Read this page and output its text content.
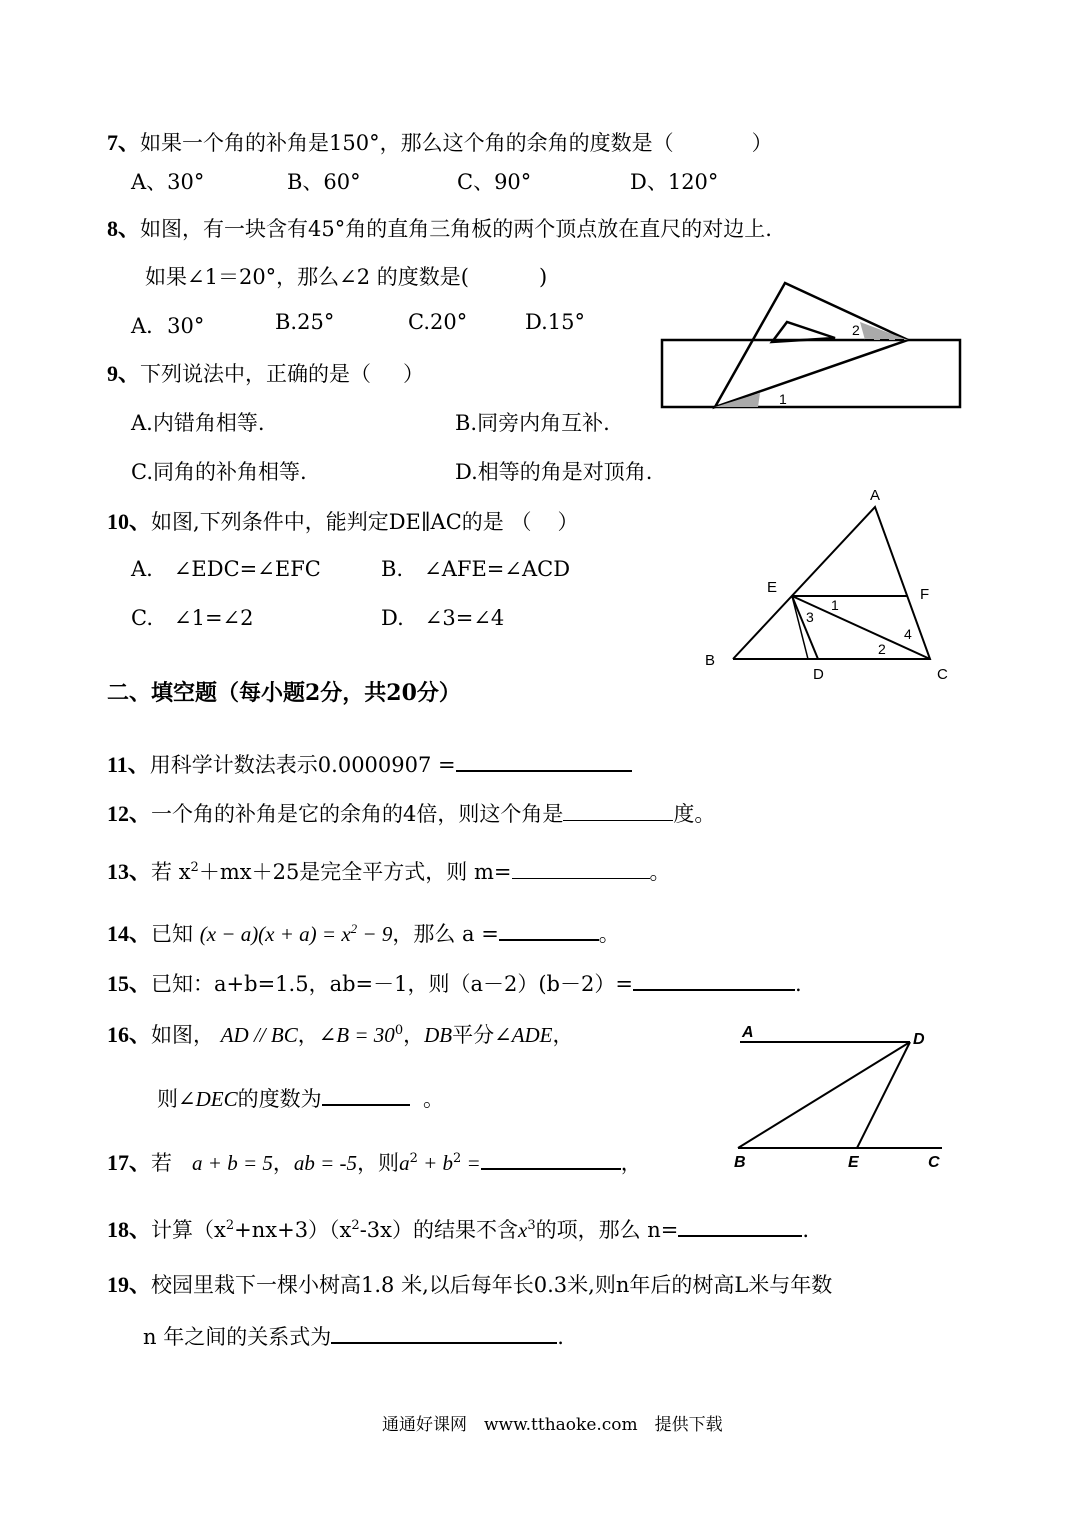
7、如果一个角的补角是150°，那么这个角的余角的度数是（	）
A、30°	B、60°	C、90°	D、120°
8、如图，有一块含有45°角的直角三角板的两个顶点放在直尺的对边上.
如果∠1＝20°，那么∠2 的度数是(	)
A．30°	B.25°	C.20°	D.15°
1
2
9、下列说法中，正确的是（ ）
A.内错角相等.	B.同旁内角互补.
C.同角的补角相等.	D.相等的角是对顶角.
10、如图,下列条件中，能判定DE∥AC的是 （ ）
A.　∠EDC=∠EFC	B.　∠AFE=∠ACD
C.　∠1=∠2	D.　∠3=∠4
A
B
C
D
E	F
1
2
3
4
二、填空题（每小题2分，共20分）
11、用科学计数法表示0.0000907 =
12、一个角的补角是它的余角的4倍，则这个角是	度。
13、若 $x^2+mx+25$是完全平方式，则 m=	。
14、已知 $(x - a)(x + a) = x^2 - 9$，那么 a =	。
15、已知：a+b=1.5，ab=－1，则（a－2）(b－2）=	.
16、如图， AD // BC，∠B = $30^0$，DB平分∠ADE，
则∠DEC的度数为	。
A	D
B	E	C
17、若 a + b = 5，ab = -5，则$a^2 + b^2$ =	，
18、计算$(x^2+nx+3)(x^2-3x)$的结果不含$x^3$的项，那么 n=	.
19、校园里栽下一棵小树高1.8 米,以后每年长0.3米,则n年后的树高L米与年数
n 年之间的关系式为	.
通通好课网　www.tthaoke.com　提供下载
